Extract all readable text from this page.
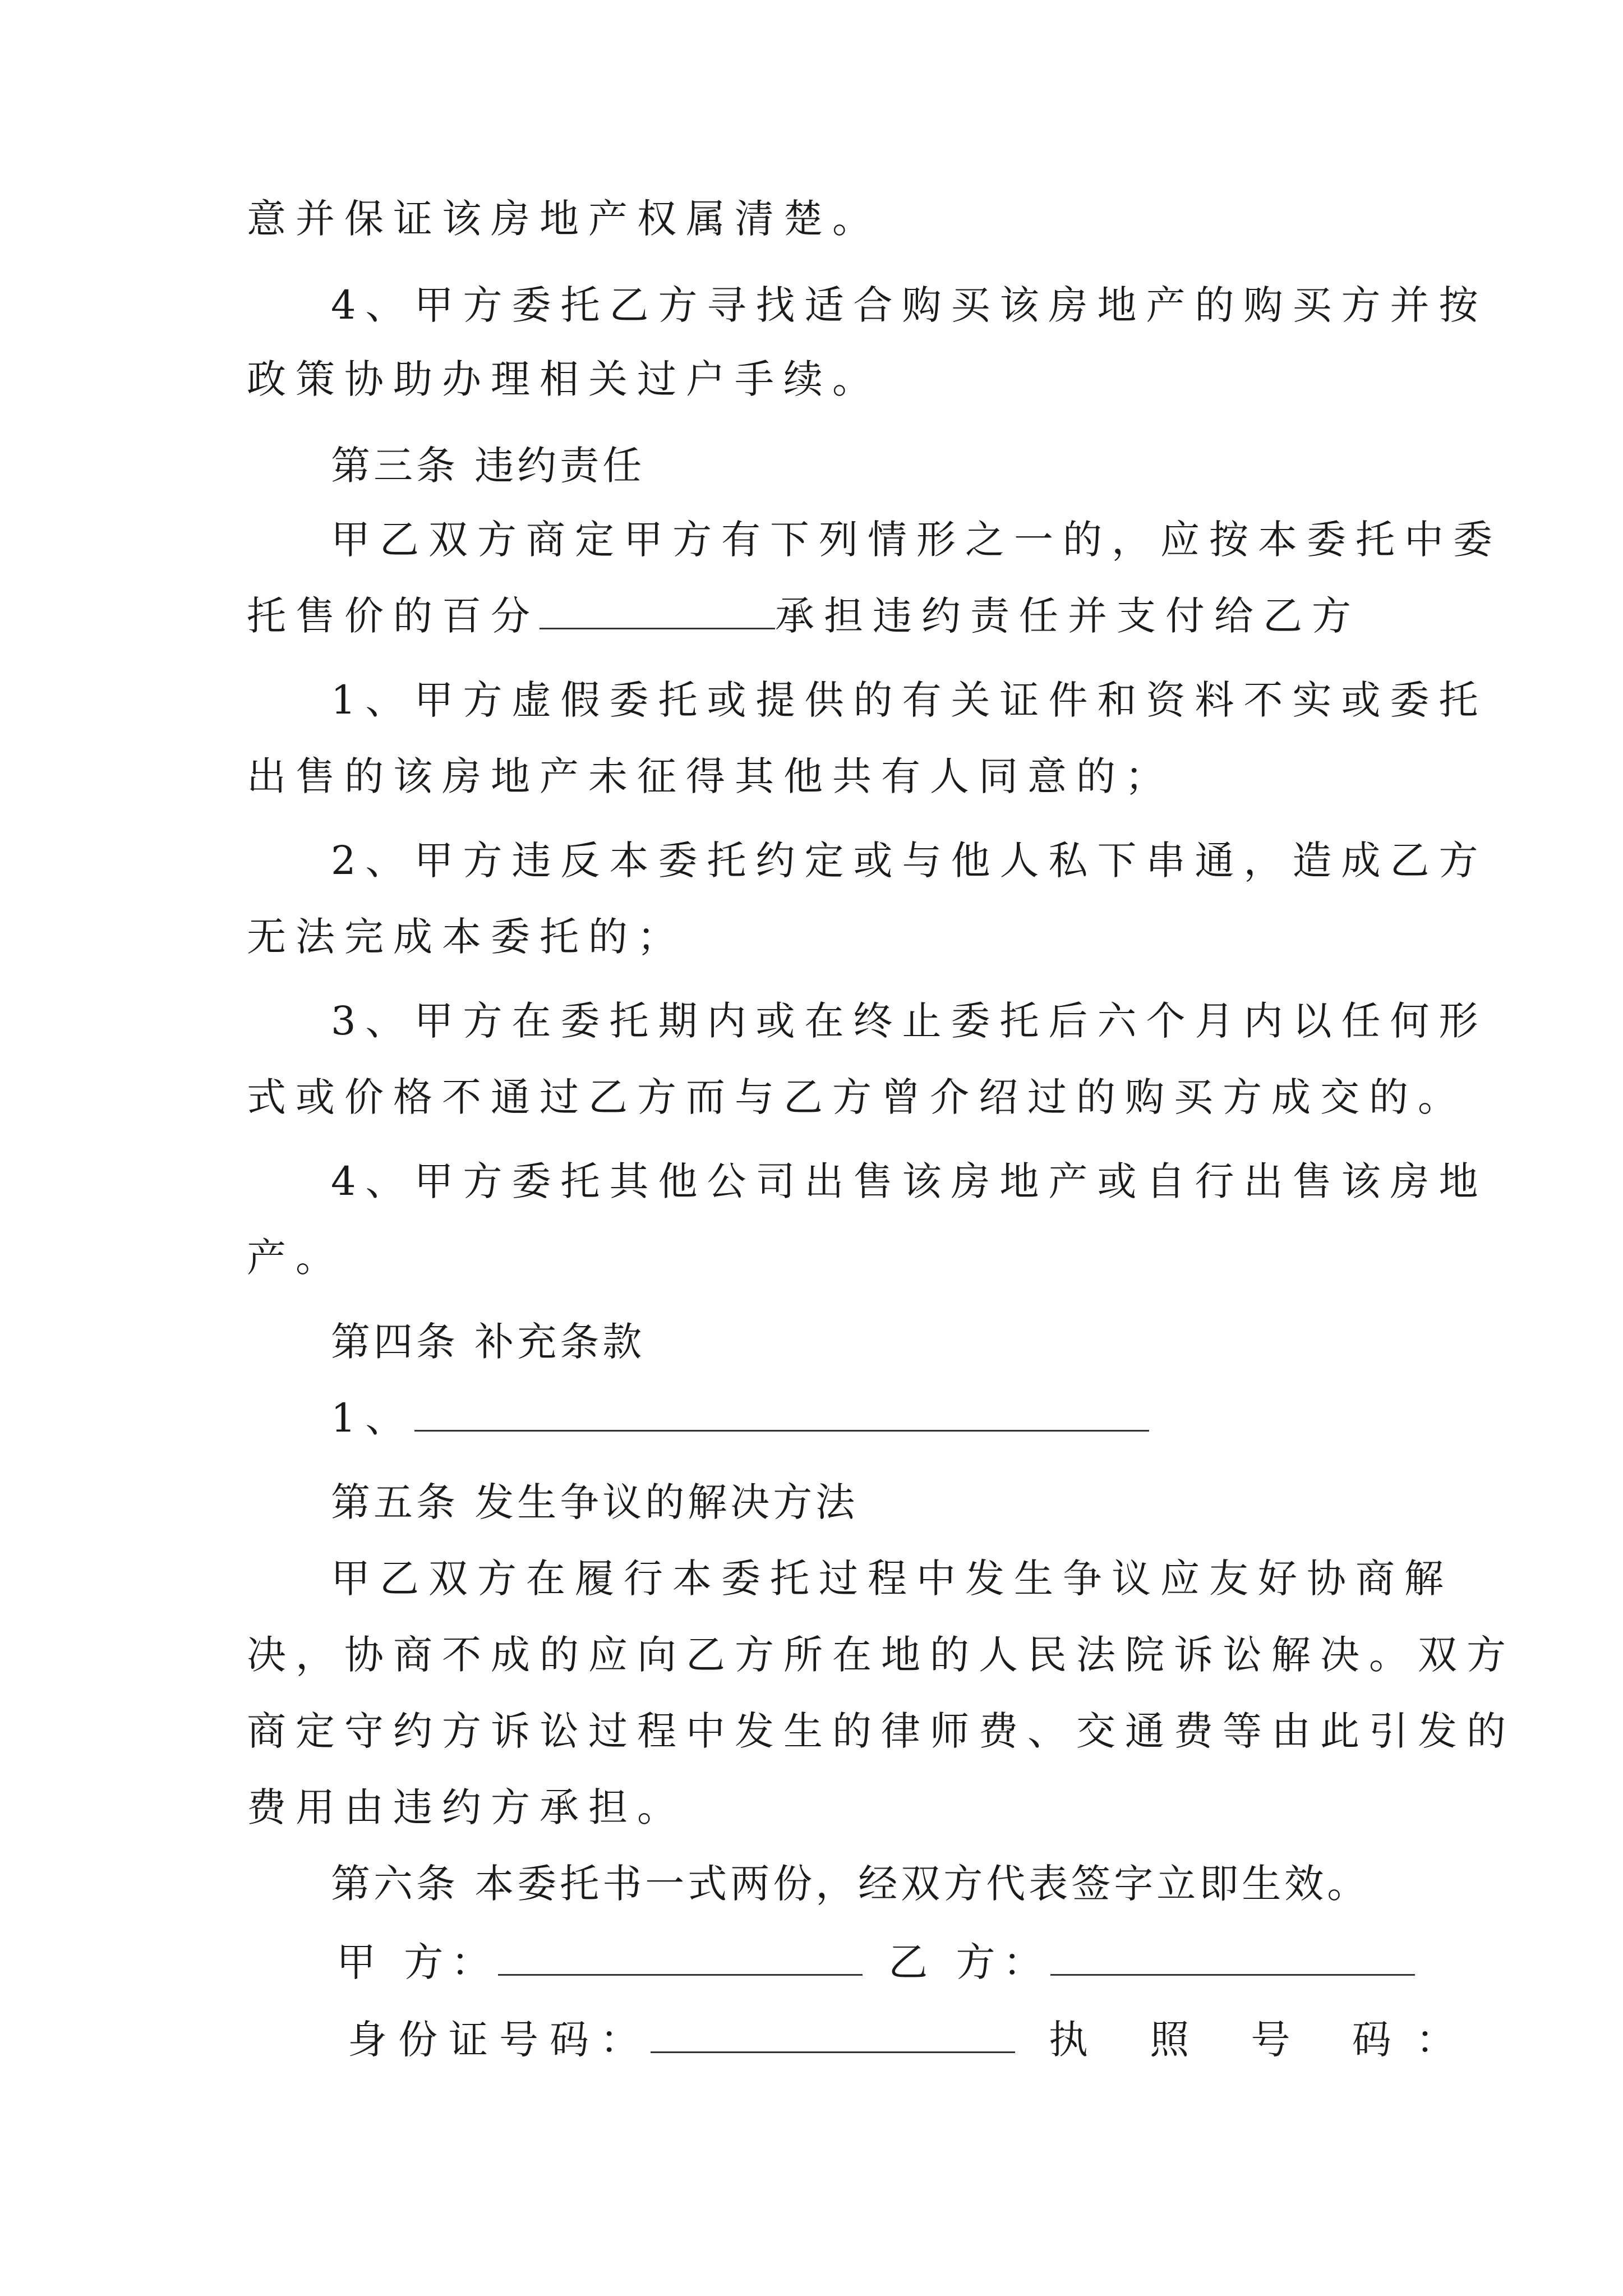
意并保证该房地产权属清楚。
4、甲方委托乙方寻找适合购买该房地产的购买方并按
政策协助办理相关过户手续。
第三条 违约责任
甲乙双方商定甲方有下列情形之一的，应按本委托中委
托售价的百分	承担违约责任并支付给乙方
1、甲方虚假委托或提供的有关证件和资料不实或委托
出售的该房地产未征得其他共有人同意的；
2、甲方违反本委托约定或与他人私下串通，造成乙方
无法完成本委托的；
3、甲方在委托期内或在终止委托后六个月内以任何形
式或价格不通过乙方而与乙方曾介绍过的购买方成交的。
4、甲方委托其他公司出售该房地产或自行出售该房地
产。
第四条 补充条款
1、
第五条 发生争议的解决方法
甲乙双方在履行本委托过程中发生争议应友好协商解
决，协商不成的应向乙方所在地的人民法院诉讼解决。双方
商定守约方诉讼过程中发生的律师费、交通费等由此引发的
费用由违约方承担。
第六条 本委托书一式两份，经双方代表签字立即生效。
甲 方：	乙 方：
身份证号码：	执 照 号 码：
